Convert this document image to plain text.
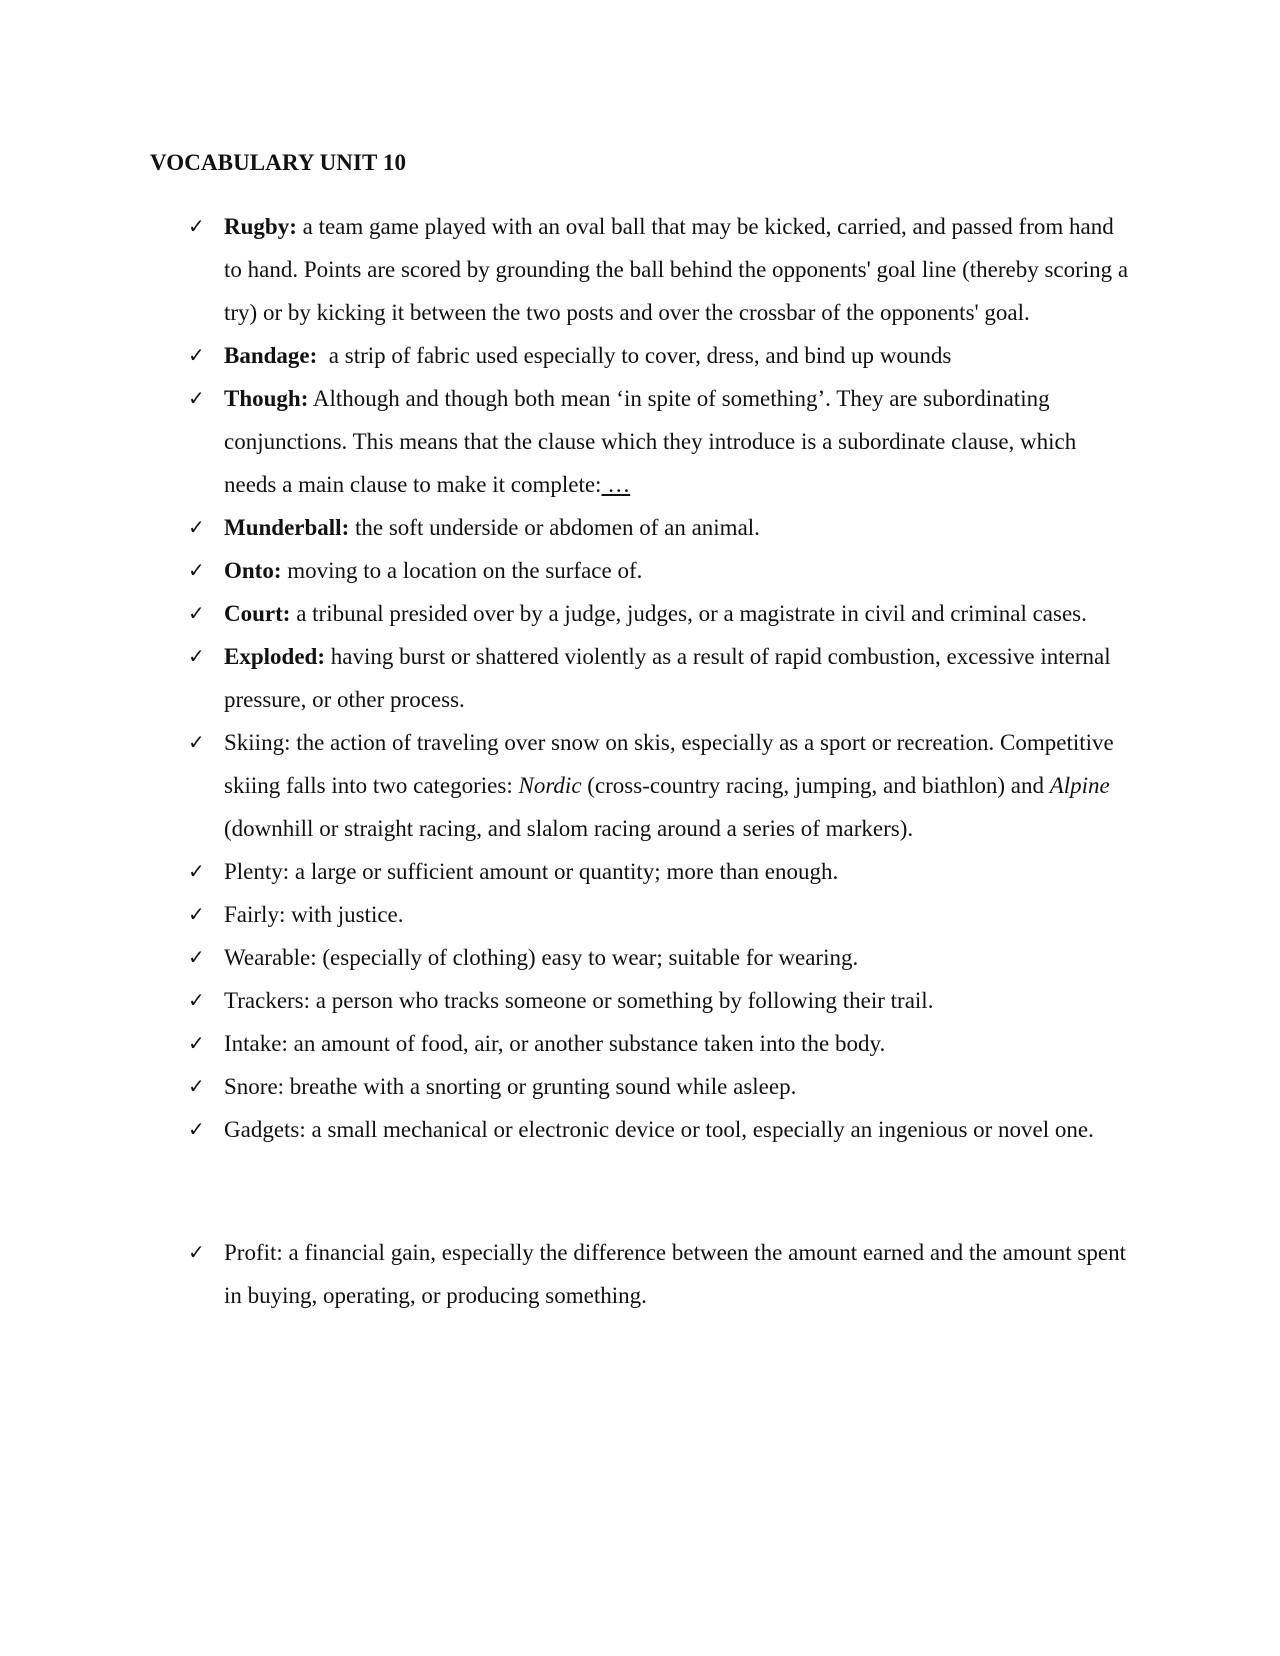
VOCABULARY UNIT 10
✓ Rugby: a team game played with an oval ball that may be kicked, carried, and passed from hand to hand. Points are scored by grounding the ball behind the opponents' goal line (thereby scoring a try) or by kicking it between the two posts and over the crossbar of the opponents' goal.
✓ Bandage:  a strip of fabric used especially to cover, dress, and bind up wounds
✓ Though: Although and though both mean ‘in spite of something’. They are subordinating conjunctions. This means that the clause which they introduce is a subordinate clause, which needs a main clause to make it complete: …
✓ Munderball: the soft underside or abdomen of an animal.
✓ Onto: moving to a location on the surface of.
✓ Court: a tribunal presided over by a judge, judges, or a magistrate in civil and criminal cases.
✓ Exploded: having burst or shattered violently as a result of rapid combustion, excessive internal pressure, or other process.
✓ Skiing: the action of traveling over snow on skis, especially as a sport or recreation. Competitive skiing falls into two categories: Nordic (cross-country racing, jumping, and biathlon) and Alpine (downhill or straight racing, and slalom racing around a series of markers).
✓ Plenty: a large or sufficient amount or quantity; more than enough.
✓ Fairly: with justice.
✓ Wearable: (especially of clothing) easy to wear; suitable for wearing.
✓ Trackers: a person who tracks someone or something by following their trail.
✓ Intake: an amount of food, air, or another substance taken into the body.
✓ Snore: breathe with a snorting or grunting sound while asleep.
✓ Gadgets: a small mechanical or electronic device or tool, especially an ingenious or novel one.
✓ Profit: a financial gain, especially the difference between the amount earned and the amount spent in buying, operating, or producing something.
